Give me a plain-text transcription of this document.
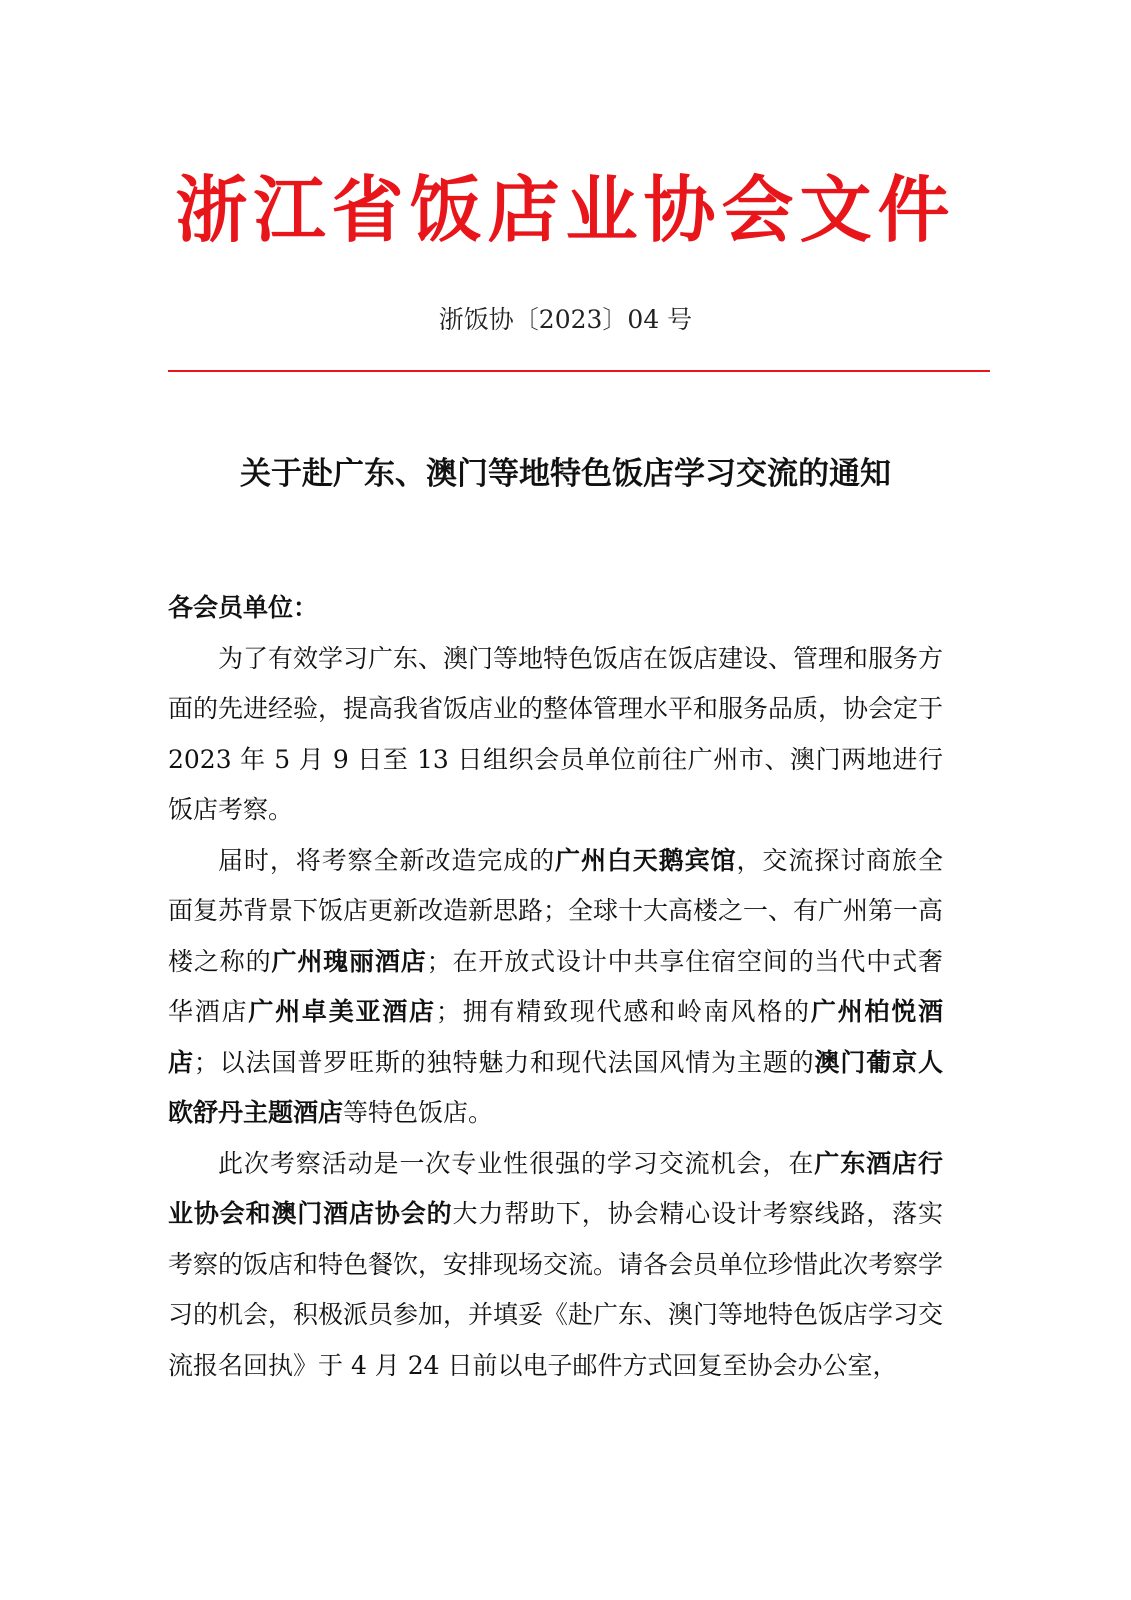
浙江省饭店业协会文件
浙饭协〔2023〕04 号
关于赴广东、澳门等地特色饭店学习交流的通知

各会员单位：

为了有效学习广东、澳门等地特色饭店在饭店建设、管理和服务方面的先进经验，提高我省饭店业的整体管理水平和服务品质，协会定于 2023 年 5 月 9 日至 13 日组织会员单位前往广州市、澳门两地进行饭店考察。

届时，将考察全新改造完成的广州白天鹅宾馆，交流探讨商旅全面复苏背景下饭店更新改造新思路；全球十大高楼之一、有广州第一高楼之称的广州瑰丽酒店；在开放式设计中共享住宿空间的当代中式奢华酒店广州卓美亚酒店；拥有精致现代感和岭南风格的广州柏悦酒店；以法国普罗旺斯的独特魅力和现代法国风情为主题的澳门葡京人欧舒丹主题酒店等特色饭店。

此次考察活动是一次专业性很强的学习交流机会，在广东酒店行业协会和澳门酒店协会的大力帮助下，协会精心设计考察线路，落实考察的饭店和特色餐饮，安排现场交流。请各会员单位珍惜此次考察学习的机会，积极派员参加，并填妥《赴广东、澳门等地特色饭店学习交流报名回执》于 4 月 24 日前以电子邮件方式回复至协会办公室，
